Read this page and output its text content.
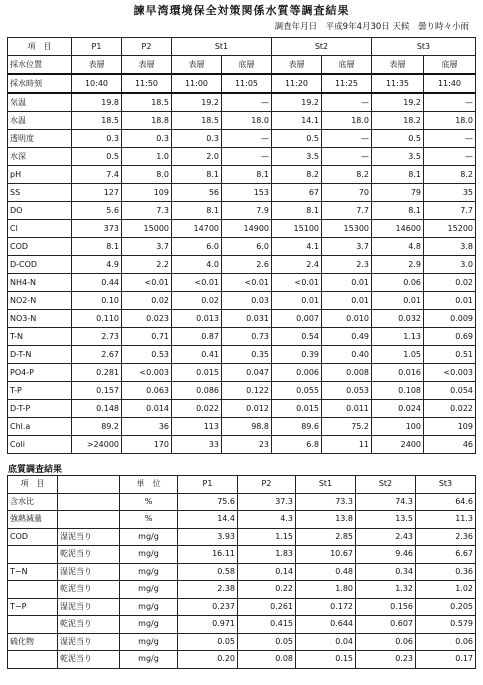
諫早湾環境保全対策関係水質等調査結果
調査年月日　平成9年4月30日 天候　曇り時々小雨
項　目	P1	P2	St1		St2		St3	
採水位置	表層	表層	表層	底層	表層	底層	表層	底層
採水時刻	10:40	11:50	11:00	11:05	11:20	11:25	11:35	11:40
気温	19.8	18.5	19.2	—	19.2	—	19.2	—
水温	18.5	18.8	18.5	18.0	14.1	18.0	18.2	18.0
透明度	0.3	0.3	0.3	—	0.5	—	0.5	—
水深	0.5	1.0	2.0	—	3.5	—	3.5	—
pH	7.4	8.0	8.1	8.1	8.2	8.2	8.1	8.2
SS	127	109	56	153	67	70	79	35
DO	5.6	7.3	8.1	7.9	8.1	7.7	8.1	7.7
Cl	373	15000	14700	14900	15100	15300	14600	15200
COD	8.1	3.7	6.0	6.0	4.1	3.7	4.8	3.8
D-COD	4.9	2.2	4.0	2.6	2.4	2.3	2.9	3.0
NH4-N	0.44	<0.01	<0.01	<0.01	<0.01	0.01	0.06	0.02
NO2-N	0.10	0.02	0.02	0.03	0.01	0.01	0.01	0.01
NO3-N	0.110	0.023	0.013	0.031	0.007	0.010	0.032	0.009
T-N	2.73	0.71	0.87	0.73	0.54	0.49	1.13	0.69
D-T-N	2.67	0.53	0.41	0.35	0.39	0.40	1.05	0.51
PO4-P	0.281	<0.003	0.015	0.047	0.006	0.008	0.016	<0.003
T-P	0.157	0.063	0.086	0.122	0.055	0.053	0.108	0.054
D-T-P	0.148	0.014	0.022	0.012	0.015	0.011	0.024	0.022
Chl.a	89.2	36	113	98.8	89.6	75.2	100	109
Coli	>24000	170	33	23	6.8	11	2400	46
底質調査結果
項　目		単　位	P1	P2	St1	St2	St3
含水比		%	75.6	37.3	73.3	74.3	64.6
強熱減量		%	14.4	4.3	13.8	13.5	11.3
COD	湿泥当り	mg/g	3.93	1.15	2.85	2.43	2.36
	乾泥当り	mg/g	16.11	1.83	10.67	9.46	6.67
T−N	湿泥当り	mg/g	0.58	0.14	0.48	0.34	0.36
	乾泥当り	mg/g	2.38	0.22	1.80	1.32	1.02
T−P	湿泥当り	mg/g	0.237	0.261	0.172	0.156	0.205
	乾泥当り	mg/g	0.971	0.415	0.644	0.607	0.579
硫化物	湿泥当り	mg/g	0.05	0.05	0.04	0.06	0.06
	乾泥当り	mg/g	0.20	0.08	0.15	0.23	0.17
